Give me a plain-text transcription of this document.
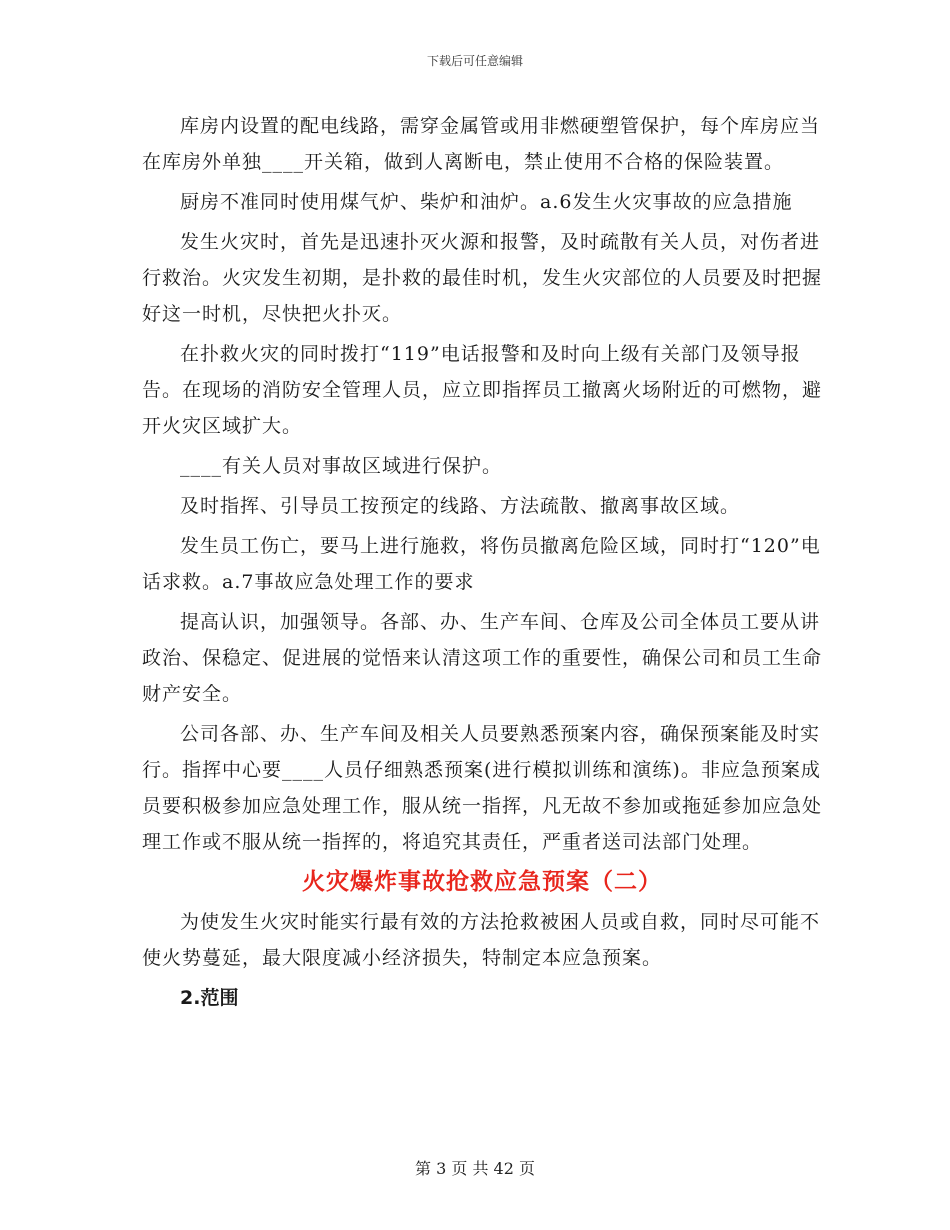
下载后可任意编辑

库房内设置的配电线路，需穿金属管或用非燃硬塑管保护，每个库房应当在库房外单独____开关箱，做到人离断电，禁止使用不合格的保险装置。

厨房不准同时使用煤气炉、柴炉和油炉。a.6发生火灾事故的应急措施

发生火灾时，首先是迅速扑灭火源和报警，及时疏散有关人员，对伤者进行救治。火灾发生初期，是扑救的最佳时机，发生火灾部位的人员要及时把握好这一时机，尽快把火扑灭。

在扑救火灾的同时拨打“119”电话报警和及时向上级有关部门及领导报告。在现场的消防安全管理人员，应立即指挥员工撤离火场附近的可燃物，避开火灾区域扩大。

____有关人员对事故区域进行保护。

及时指挥、引导员工按预定的线路、方法疏散、撤离事故区域。

发生员工伤亡，要马上进行施救，将伤员撤离危险区域，同时打“120”电话求救。a.7事故应急处理工作的要求

提高认识，加强领导。各部、办、生产车间、仓库及公司全体员工要从讲政治、保稳定、促进展的觉悟来认清这项工作的重要性，确保公司和员工生命财产安全。

公司各部、办、生产车间及相关人员要熟悉预案内容，确保预案能及时实行。指挥中心要____人员仔细熟悉预案(进行模拟训练和演练)。非应急预案成员要积极参加应急处理工作，服从统一指挥，凡无故不参加或拖延参加应急处理工作或不服从统一指挥的，将追究其责任，严重者送司法部门处理。

火灾爆炸事故抢救应急预案（二）

为使发生火灾时能实行最有效的方法抢救被困人员或自救，同时尽可能不使火势蔓延，最大限度减小经济损失，特制定本应急预案。

2.范围

第 3 页 共 42 页
